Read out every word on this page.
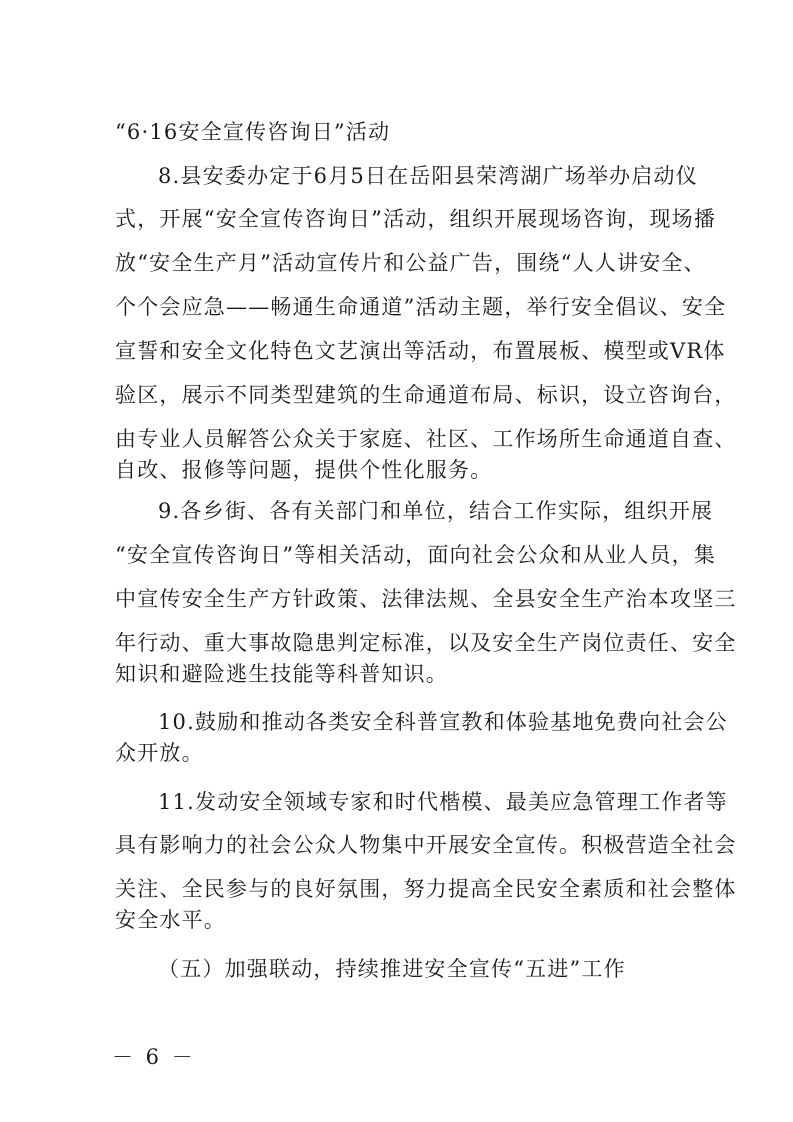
“6·16安全宣传咨询日”活动
8.县安委办定于6月5日在岳阳县荣湾湖广场举办启动仪
式，开展“安全宣传咨询日”活动，组织开展现场咨询，现场播
放“安全生产月”活动宣传片和公益广告，围绕“人人讲安全、
个个会应急——畅通生命通道”活动主题，举行安全倡议、安全
宣誓和安全文化特色文艺演出等活动，布置展板、模型或VR体
验区，展示不同类型建筑的生命通道布局、标识，设立咨询台，
由专业人员解答公众关于家庭、社区、工作场所生命通道自查、
自改、报修等问题，提供个性化服务。
9.各乡街、各有关部门和单位，结合工作实际，组织开展
“安全宣传咨询日”等相关活动，面向社会公众和从业人员，集
中宣传安全生产方针政策、法律法规、全县安全生产治本攻坚三
年行动、重大事故隐患判定标准，以及安全生产岗位责任、安全
知识和避险逃生技能等科普知识。
10.鼓励和推动各类安全科普宣教和体验基地免费向社会公
众开放。
11.发动安全领域专家和时代楷模、最美应急管理工作者等
具有影响力的社会公众人物集中开展安全宣传。积极营造全社会
关注、全民参与的良好氛围，努力提高全民安全素质和社会整体
安全水平。
（五）加强联动，持续推进安全宣传“五进”工作
－ 6 －
